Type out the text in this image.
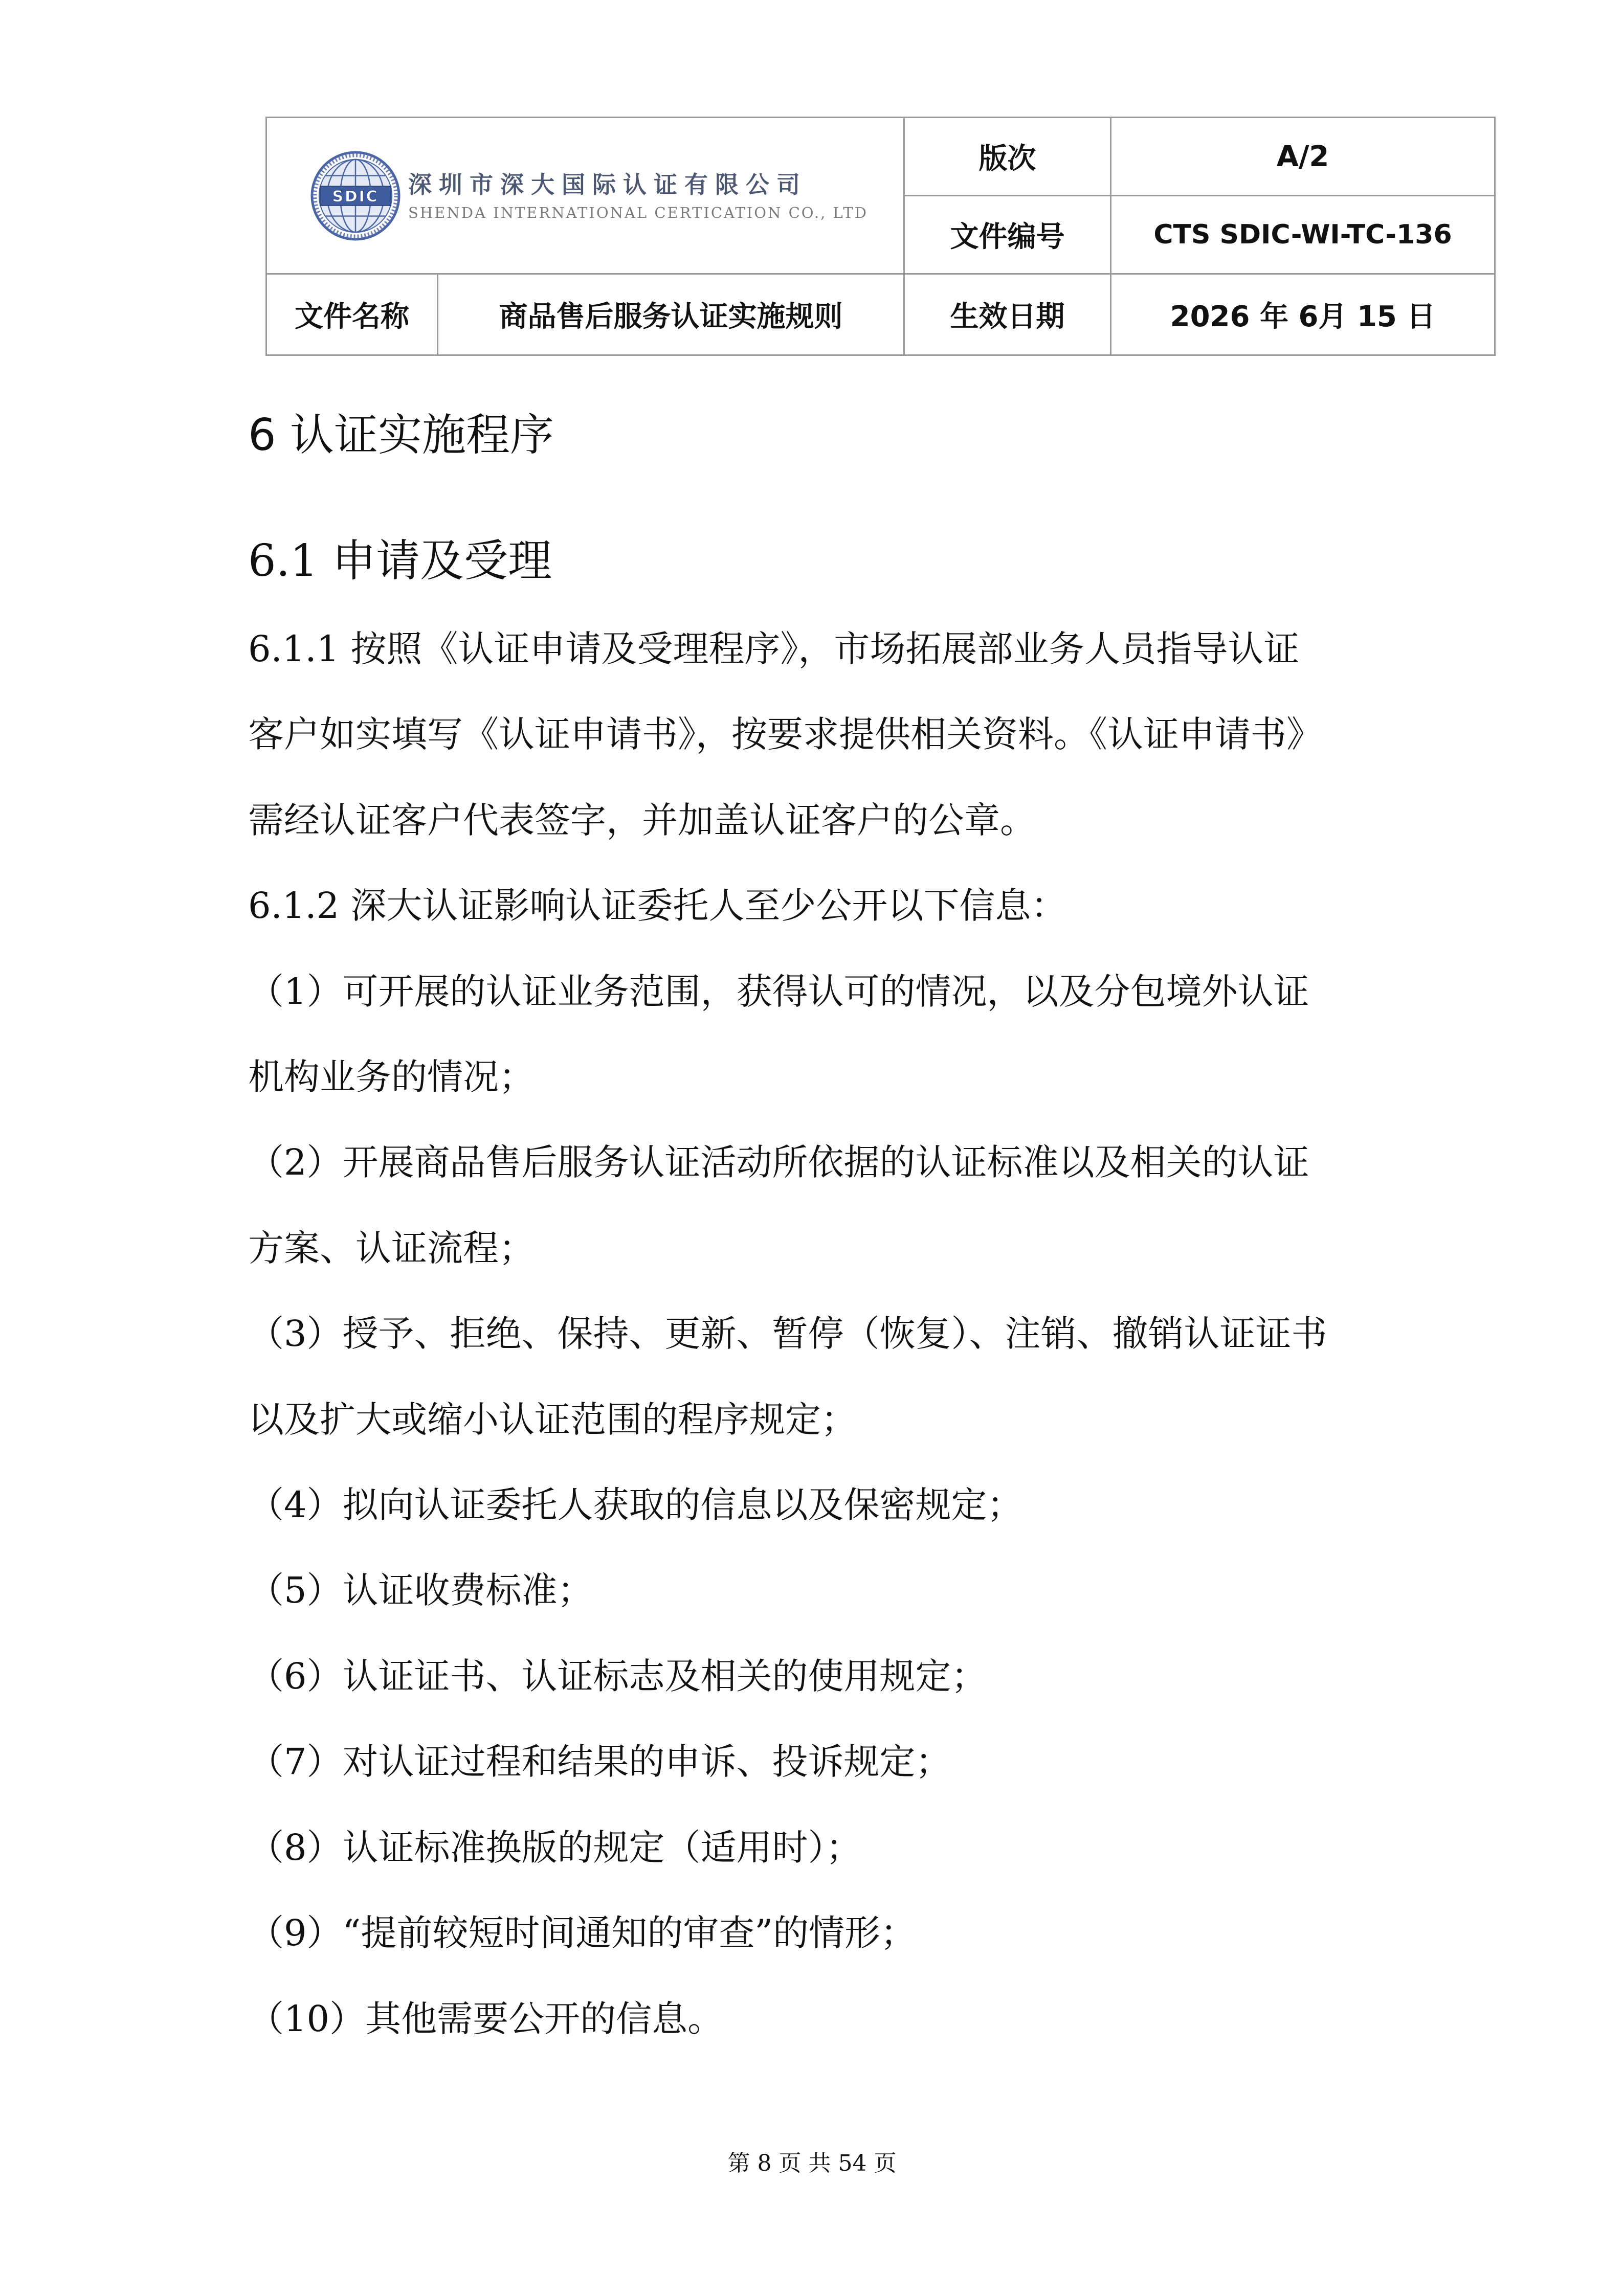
SDIC 深圳市深大国际认证有限公司
SHENDA INTERNATIONAL CERTICATION CO., LTD		版次	A/2
		文件编号	CTS SDIC-WI-TC-136
文件名称	商品售后服务认证实施规则	生效日期	2026 年 6月 15 日
6 认证实施程序
6.1 申请及受理
6.1.1 按照《认证申请及受理程序》，市场拓展部业务人员指导认证
客户如实填写《认证申请书》，按要求提供相关资料。《认证申请书》
需经认证客户代表签字，并加盖认证客户的公章。
6.1.2 深大认证影响认证委托人至少公开以下信息：
（1）可开展的认证业务范围，获得认可的情况，以及分包境外认证
机构业务的情况；
（2）开展商品售后服务认证活动所依据的认证标准以及相关的认证
方案、认证流程；
（3）授予、拒绝、保持、更新、暂停（恢复）、注销、撤销认证证书
以及扩大或缩小认证范围的程序规定；
（4）拟向认证委托人获取的信息以及保密规定；
（5）认证收费标准；
（6）认证证书、认证标志及相关的使用规定；
（7）对认证过程和结果的申诉、投诉规定；
（8）认证标准换版的规定（适用时）；
（9）“提前较短时间通知的审查”的情形；
（10）其他需要公开的信息。
第 8 页 共 54 页
